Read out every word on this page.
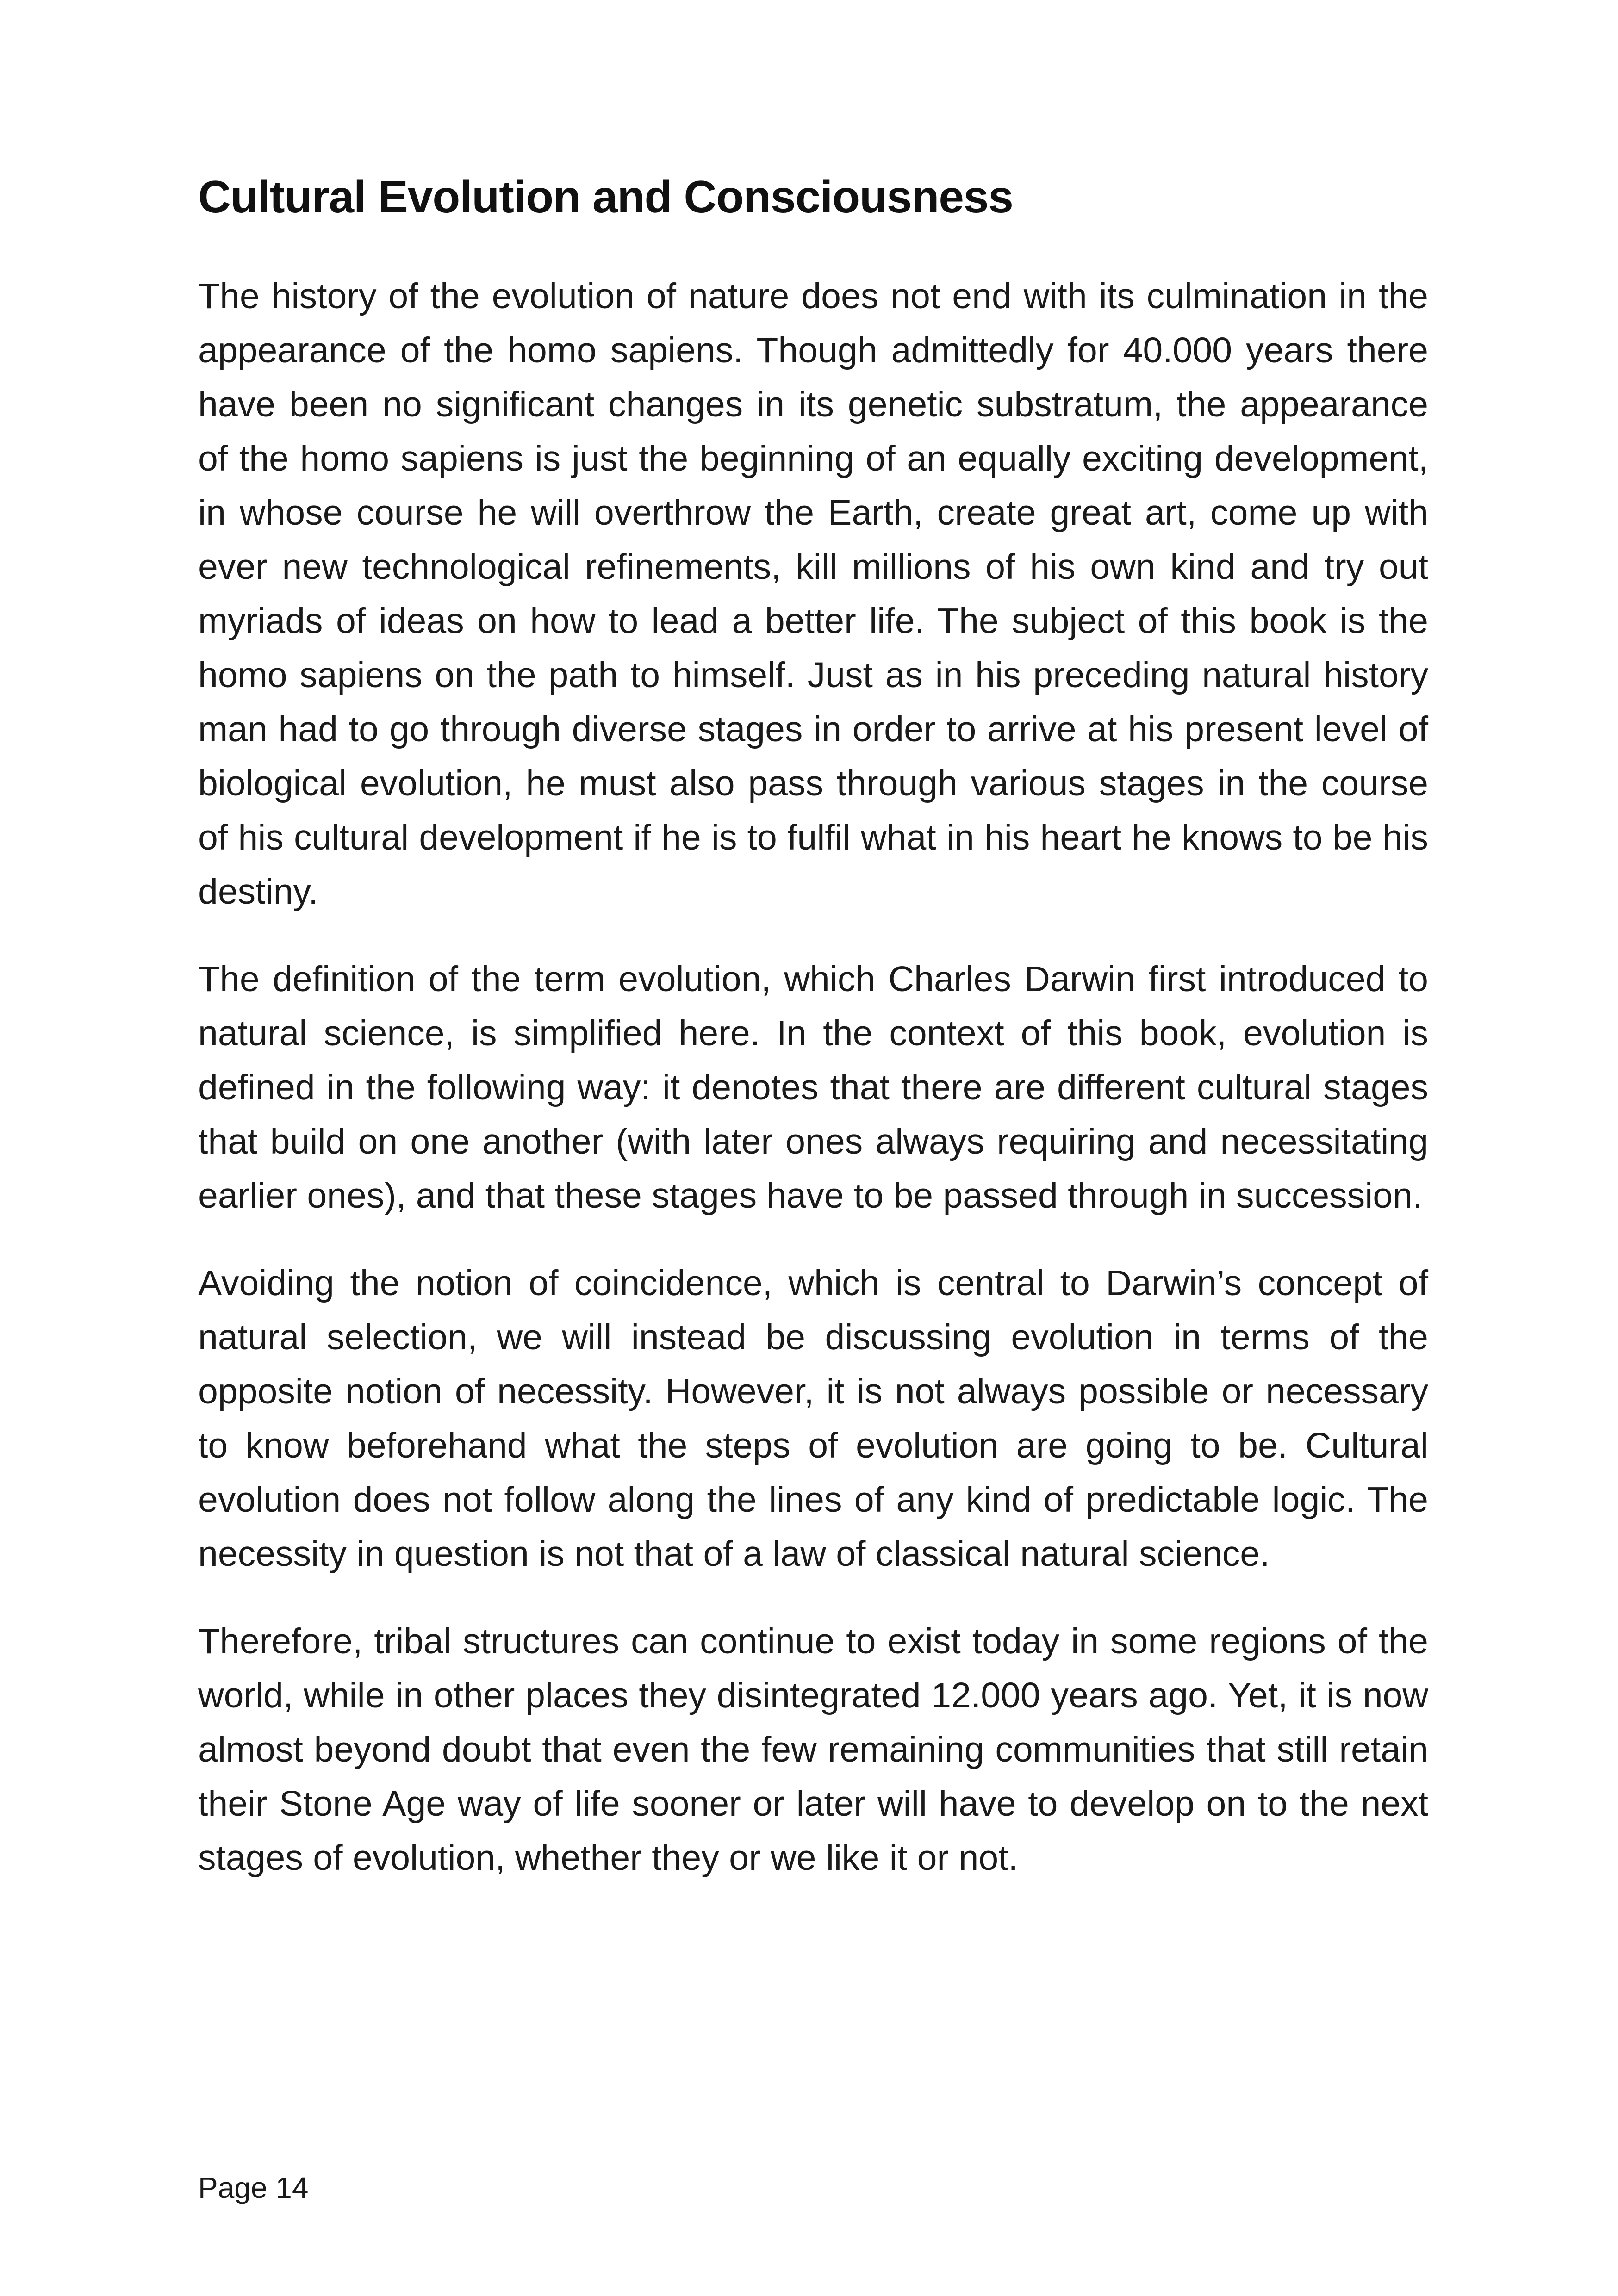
Cultural Evolution and Consciousness

The history of the evolution of nature does not end with its culmination in the appearance of the homo sapiens. Though admittedly for 40.000 years there have been no significant changes in its genetic substratum, the appearance of the homo sapiens is just the beginning of an equally exciting development, in whose course he will overthrow the Earth, create great art, come up with ever new technological refinements, kill millions of his own kind and try out myriads of ideas on how to lead a better life. The subject of this book is the homo sapiens on the path to himself. Just as in his preceding natural history man had to go through diverse stages in order to arrive at his present level of biological evolution, he must also pass through various stages in the course of his cultural development if he is to fulfil what in his heart he knows to be his destiny.

The definition of the term evolution, which Charles Darwin first introduced to natural science, is simplified here. In the context of this book, evolution is defined in the following way: it denotes that there are different cultural stages that build on one another (with later ones always requiring and necessitating earlier ones), and that these stages have to be passed through in succession.

Avoiding the notion of coincidence, which is central to Darwin’s concept of natural selection, we will instead be discussing evolution in terms of the opposite notion of necessity. However, it is not always possible or necessary to know beforehand what the steps of evolution are going to be. Cultural evolution does not follow along the lines of any kind of predictable logic. The necessity in question is not that of a law of classical natural science.

Therefore, tribal structures can continue to exist today in some regions of the world, while in other places they disintegrated 12.000 years ago. Yet, it is now almost beyond doubt that even the few remaining communities that still retain their Stone Age way of life sooner or later will have to develop on to the next stages of evolution, whether they or we like it or not.

Page 14
